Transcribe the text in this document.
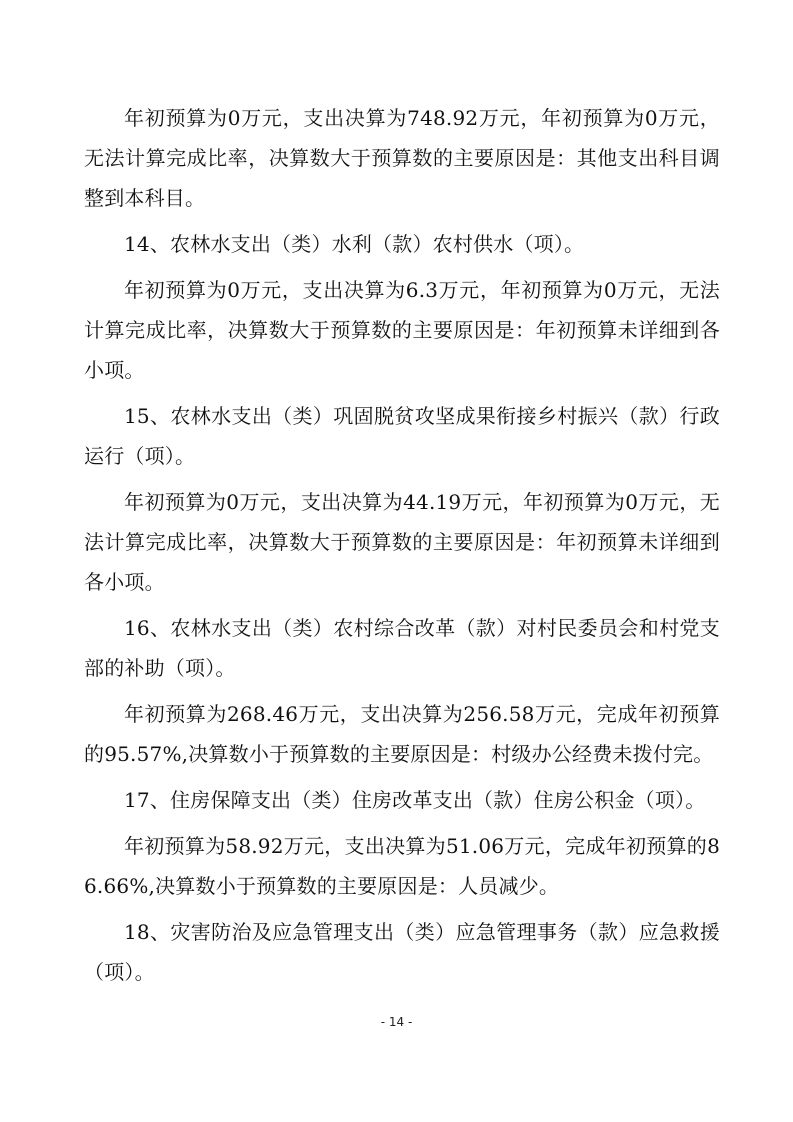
年初预算为0万元，支出决算为748.92万元，年初预算为0万元，无法计算完成比率，决算数大于预算数的主要原因是：其他支出科目调整到本科目。

14、农林水支出（类）水利（款）农村供水（项）。

年初预算为0万元，支出决算为6.3万元，年初预算为0万元，无法计算完成比率，决算数大于预算数的主要原因是：年初预算未详细到各小项。

15、农林水支出（类）巩固脱贫攻坚成果衔接乡村振兴（款）行政运行（项）。

年初预算为0万元，支出决算为44.19万元，年初预算为0万元，无法计算完成比率，决算数大于预算数的主要原因是：年初预算未详细到各小项。

16、农林水支出（类）农村综合改革（款）对村民委员会和村党支部的补助（项）。

年初预算为268.46万元，支出决算为256.58万元，完成年初预算的95.57%,决算数小于预算数的主要原因是：村级办公经费未拨付完。

17、住房保障支出（类）住房改革支出（款）住房公积金（项）。

年初预算为58.92万元，支出决算为51.06万元，完成年初预算的86.66%,决算数小于预算数的主要原因是：人员减少。

18、灾害防治及应急管理支出（类）应急管理事务（款）应急救援（项）。

- 14 -
